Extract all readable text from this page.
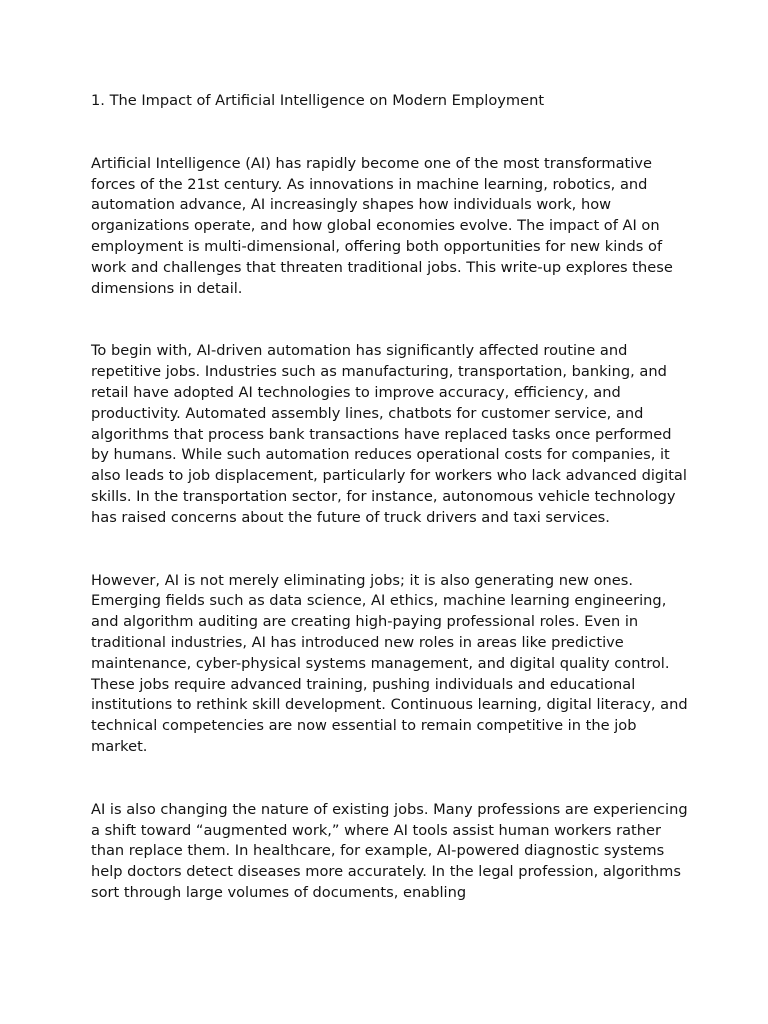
1. The Impact of Artificial Intelligence on Modern Employment

Artificial Intelligence (AI) has rapidly become one of the most transformative forces of the 21st century. As innovations in machine learning, robotics, and automation advance, AI increasingly shapes how individuals work, how organizations operate, and how global economies evolve. The impact of AI on employment is multi-dimensional, offering both opportunities for new kinds of work and challenges that threaten traditional jobs. This write-up explores these dimensions in detail.

To begin with, AI-driven automation has significantly affected routine and repetitive jobs. Industries such as manufacturing, transportation, banking, and retail have adopted AI technologies to improve accuracy, efficiency, and productivity. Automated assembly lines, chatbots for customer service, and algorithms that process bank transactions have replaced tasks once performed by humans. While such automation reduces operational costs for companies, it also leads to job displacement, particularly for workers who lack advanced digital skills. In the transportation sector, for instance, autonomous vehicle technology has raised concerns about the future of truck drivers and taxi services.

However, AI is not merely eliminating jobs; it is also generating new ones. Emerging fields such as data science, AI ethics, machine learning engineering, and algorithm auditing are creating high-paying professional roles. Even in traditional industries, AI has introduced new roles in areas like predictive maintenance, cyber-physical systems management, and digital quality control. These jobs require advanced training, pushing individuals and educational institutions to rethink skill development. Continuous learning, digital literacy, and technical competencies are now essential to remain competitive in the job market.

AI is also changing the nature of existing jobs. Many professions are experiencing a shift toward “augmented work,” where AI tools assist human workers rather than replace them. In healthcare, for example, AI-powered diagnostic systems help doctors detect diseases more accurately. In the legal profession, algorithms sort through large volumes of documents, enabling
